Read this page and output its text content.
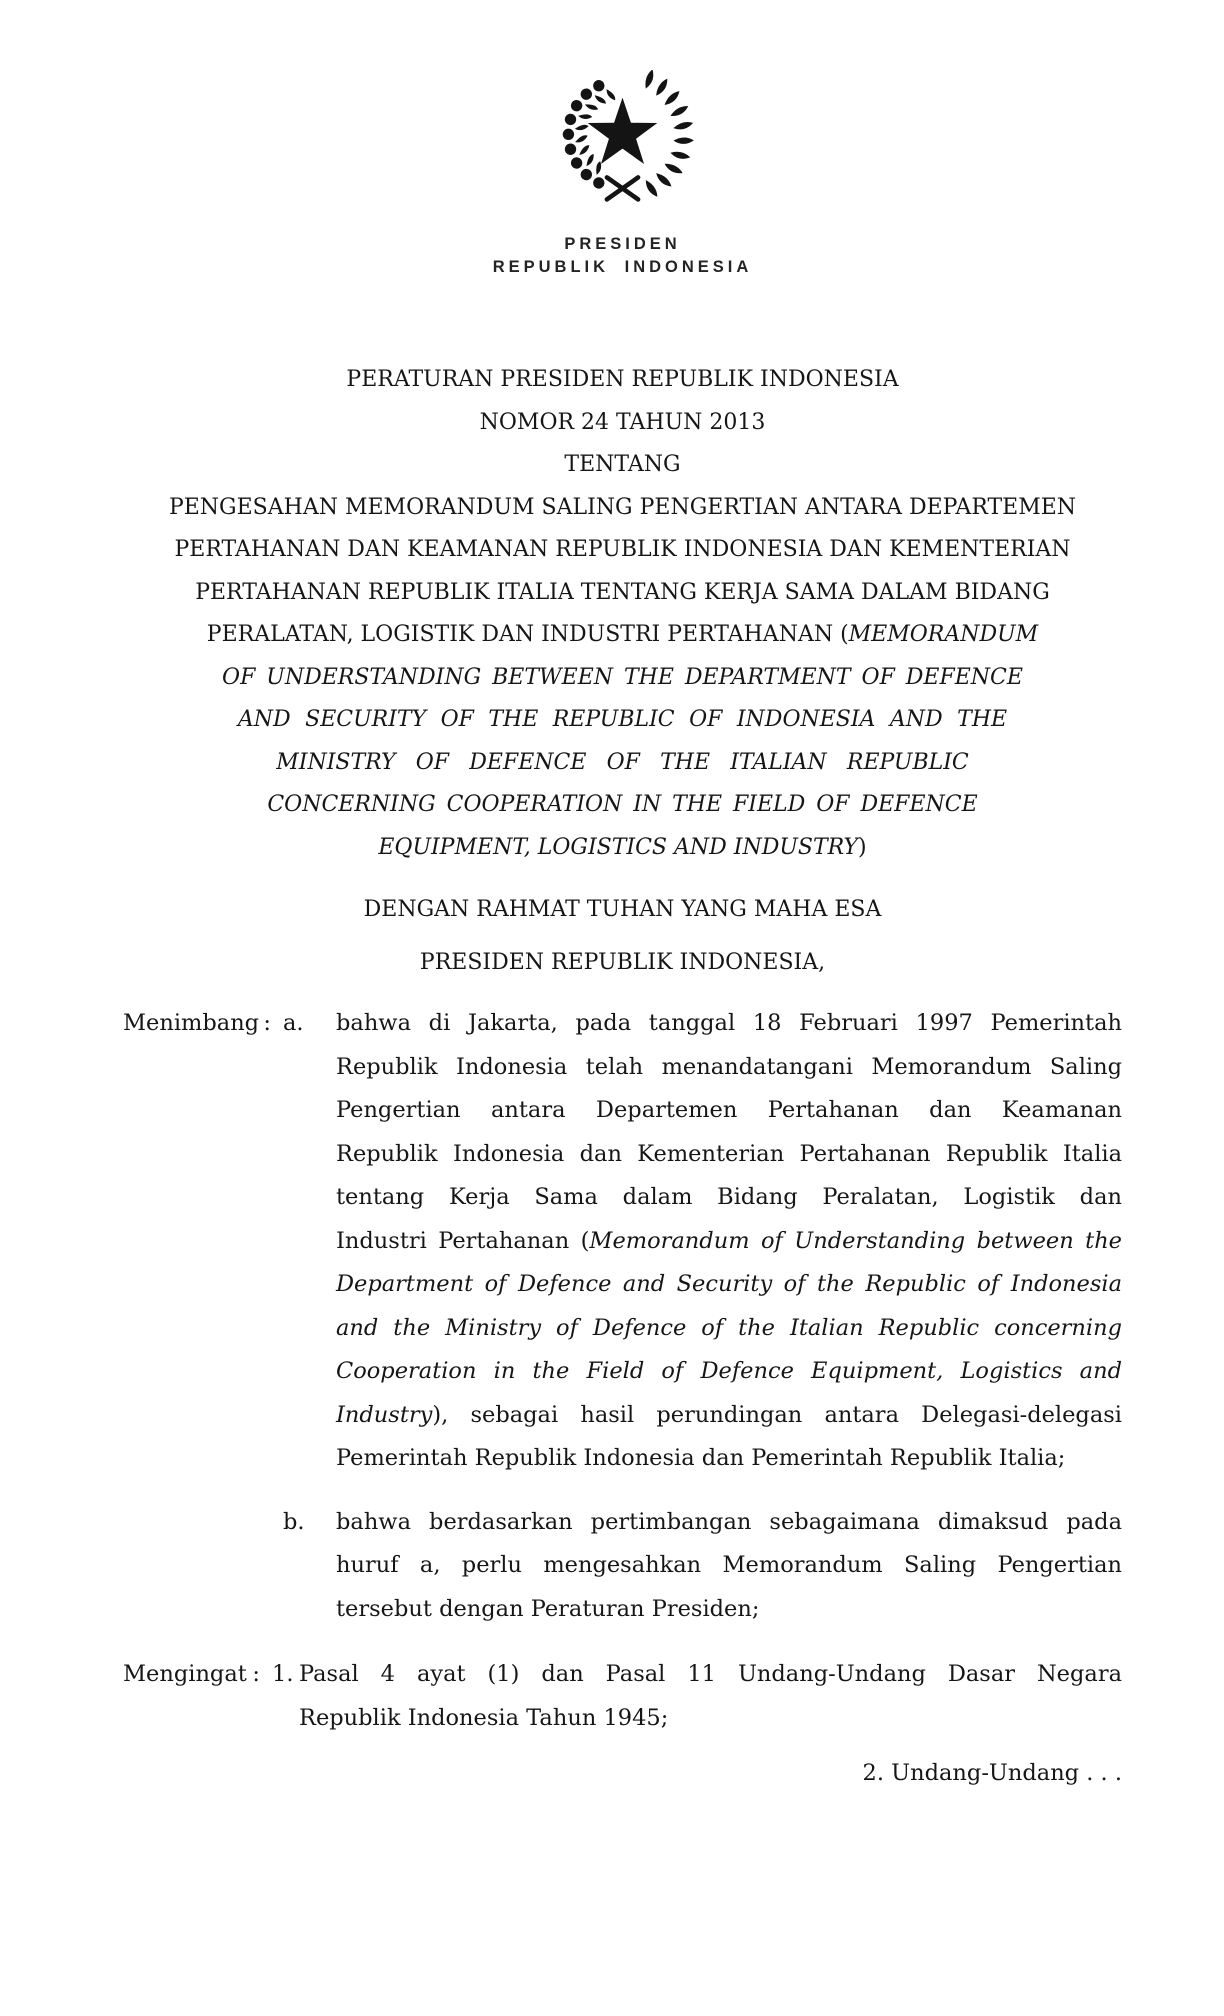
PRESIDEN
REPUBLIK INDONESIA
PERATURAN PRESIDEN REPUBLIK INDONESIA
NOMOR 24 TAHUN 2013
TENTANG
PENGESAHAN MEMORANDUM SALING PENGERTIAN ANTARA DEPARTEMEN
PERTAHANAN DAN KEAMANAN REPUBLIK INDONESIA DAN KEMENTERIAN
PERTAHANAN REPUBLIK ITALIA TENTANG KERJA SAMA DALAM BIDANG
PERALATAN, LOGISTIK DAN INDUSTRI PERTAHANAN (MEMORANDUM
OF UNDERSTANDING BETWEEN THE DEPARTMENT OF DEFENCE
AND SECURITY OF THE REPUBLIC OF INDONESIA AND THE
MINISTRY OF DEFENCE OF THE ITALIAN REPUBLIC
CONCERNING COOPERATION IN THE FIELD OF DEFENCE
EQUIPMENT, LOGISTICS AND INDUSTRY)
DENGAN RAHMAT TUHAN YANG MAHA ESA
PRESIDEN REPUBLIK INDONESIA,
Menimbang : a.	bahwa di Jakarta, pada tanggal 18 Februari 1997 Pemerintah
Republik Indonesia telah menandatangani Memorandum Saling
Pengertian antara Departemen Pertahanan dan Keamanan
Republik Indonesia dan Kementerian Pertahanan Republik Italia
tentang Kerja Sama dalam Bidang Peralatan, Logistik dan
Industri Pertahanan (Memorandum of Understanding between the
Department of Defence and Security of the Republic of Indonesia
and the Ministry of Defence of the Italian Republic concerning
Cooperation in the Field of Defence Equipment, Logistics and
Industry), sebagai hasil perundingan antara Delegasi-delegasi
Pemerintah Republik Indonesia dan Pemerintah Republik Italia;
b.	bahwa berdasarkan pertimbangan sebagaimana dimaksud pada
huruf a, perlu mengesahkan Memorandum Saling Pengertian
tersebut dengan Peraturan Presiden;
Mengingat : 1. Pasal 4 ayat (1) dan Pasal 11 Undang-Undang Dasar Negara
Republik Indonesia Tahun 1945;
2. Undang-Undang . . .
